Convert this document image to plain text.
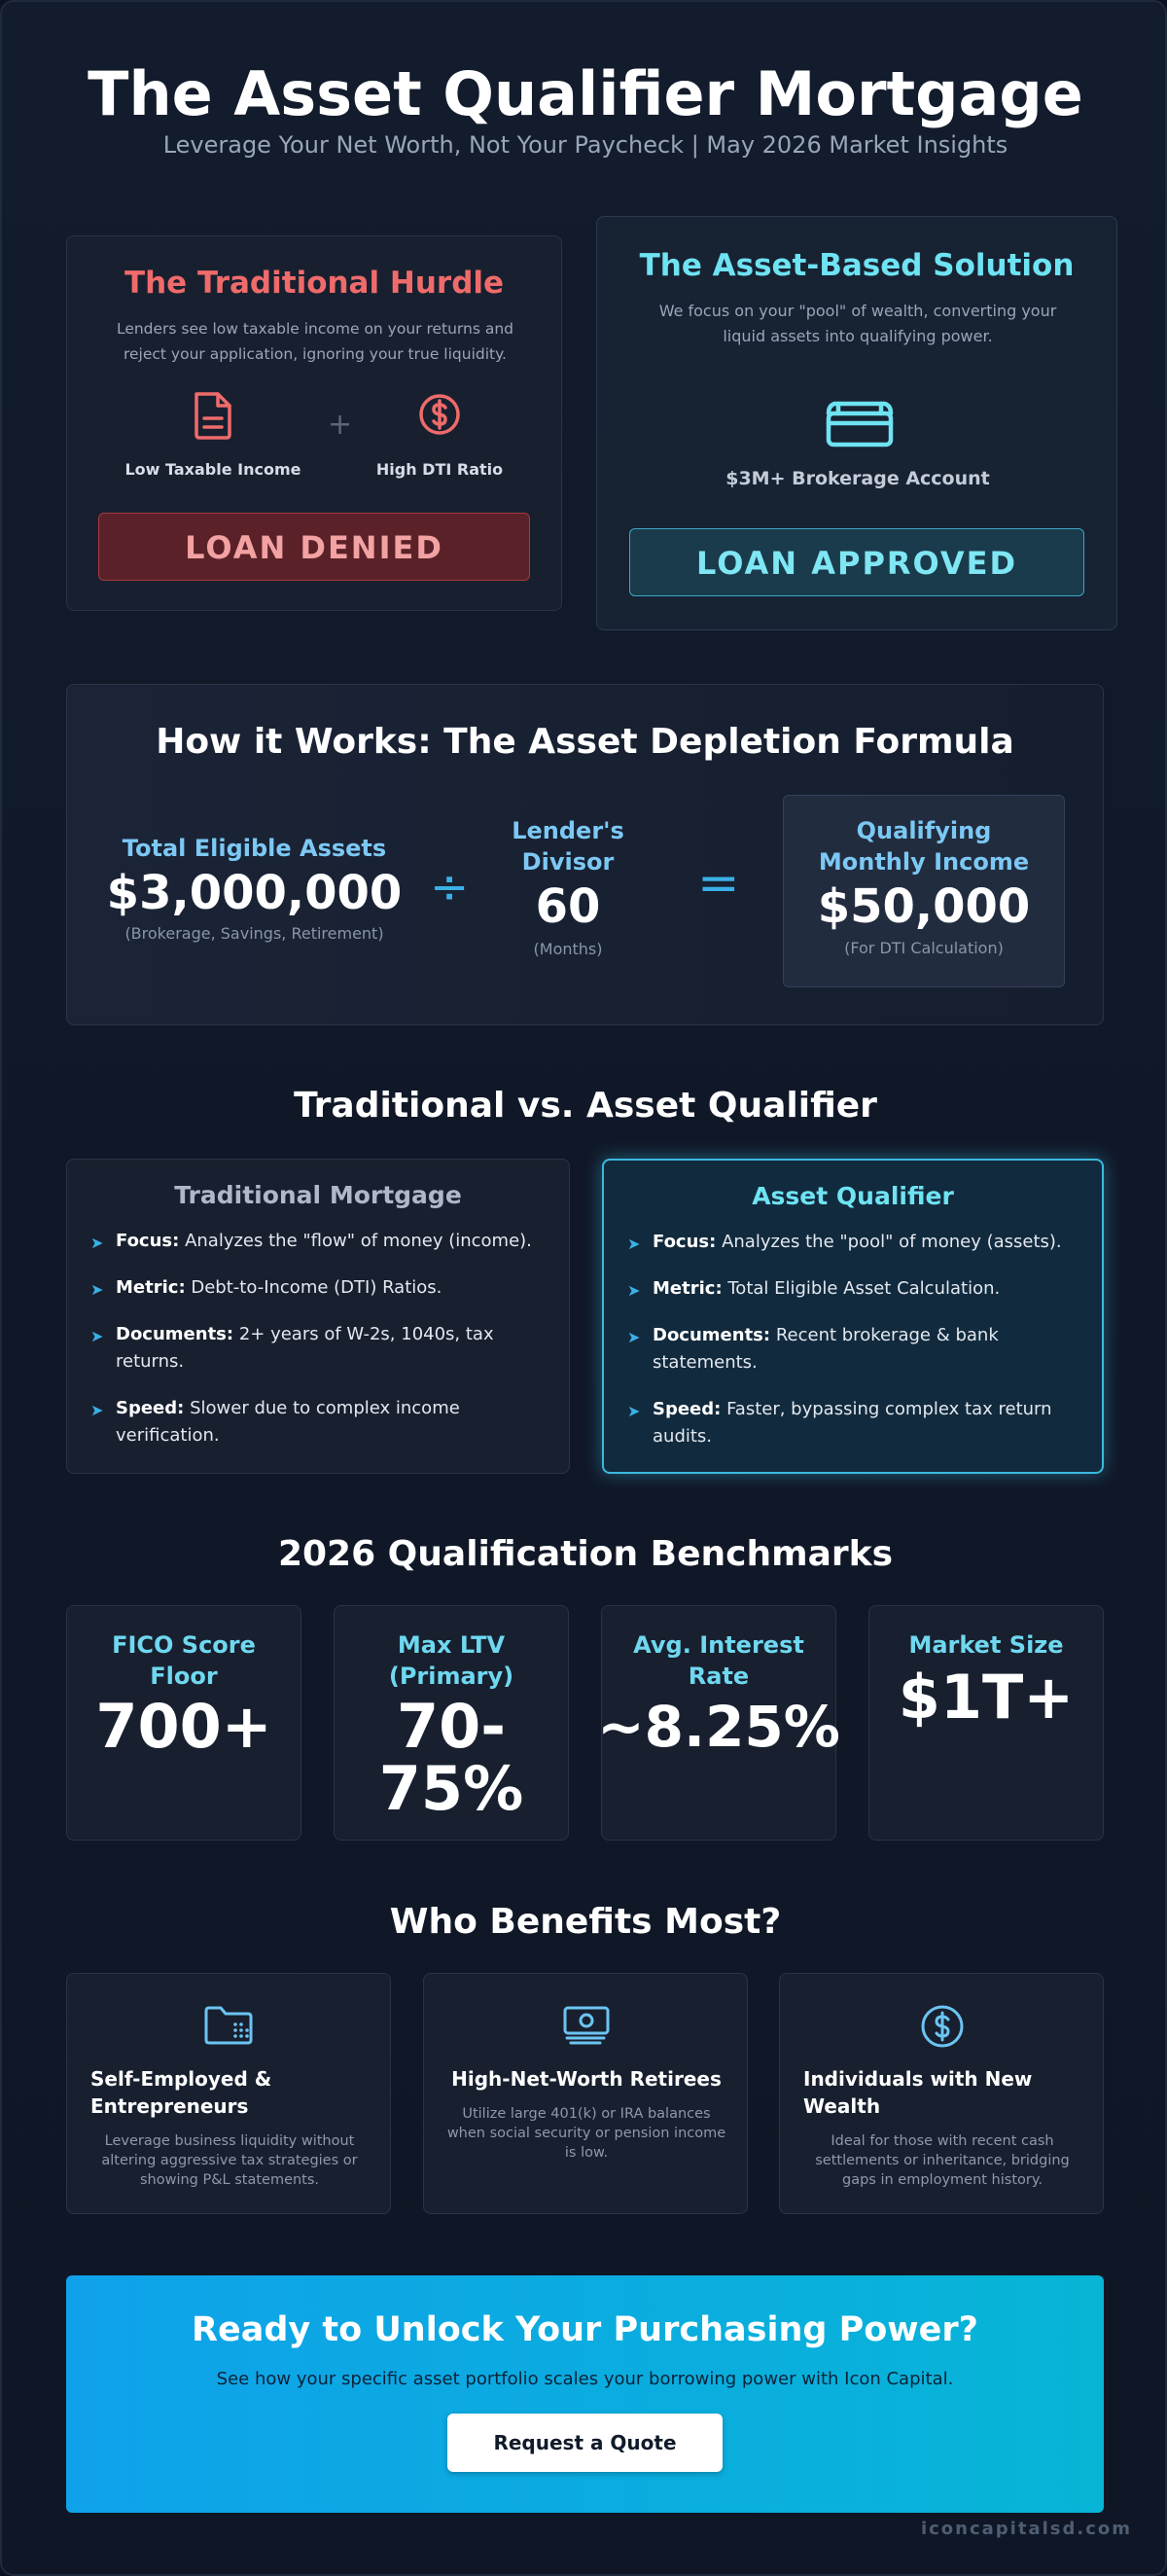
The Asset Qualifier Mortgage
Leverage Your Net Worth, Not Your Paycheck | May 2026 Market Insights
The Traditional Hurdle
Lenders see low taxable income on your returns and reject your application, ignoring your true liquidity.
Low Taxable Income
+
High DTI Ratio
LOAN DENIED
The Asset-Based Solution
We focus on your "pool" of wealth, converting your liquid assets into qualifying power.
$3M+ Brokerage Account
LOAN APPROVED
How it Works: The Asset Depletion Formula
Total Eligible Assets
$3,000,000
(Brokerage, Savings, Retirement)
÷
Lender's
Divisor
60
(Months)
=
Qualifying
Monthly Income
$50,000
(For DTI Calculation)
Traditional vs. Asset Qualifier
Traditional Mortgage
➤ Focus: Analyzes the "flow" of money (income).
➤ Metric: Debt-to-Income (DTI) Ratios.
➤ Documents: 2+ years of W-2s, 1040s, tax returns.
➤ Speed: Slower due to complex income verification.
Asset Qualifier
➤ Focus: Analyzes the "pool" of money (assets).
➤ Metric: Total Eligible Asset Calculation.
➤ Documents: Recent brokerage & bank statements.
➤ Speed: Faster, bypassing complex tax return audits.
2026 Qualification Benchmarks
FICO Score
Floor
700+
Max LTV
(Primary)
70-
75%
Avg. Interest
Rate
~8.25%
Market Size
$1T+
Who Benefits Most?
Self-Employed &
Entrepreneurs
Leverage business liquidity without
altering aggressive tax strategies or
showing P&L statements.
High-Net-Worth Retirees
Utilize large 401(k) or IRA balances
when social security or pension income
is low.
Individuals with New
Wealth
Ideal for those with recent cash
settlements or inheritance, bridging
gaps in employment history.
Ready to Unlock Your Purchasing Power?
See how your specific asset portfolio scales your borrowing power with Icon Capital.
Request a Quote
iconcapitalsd.com
